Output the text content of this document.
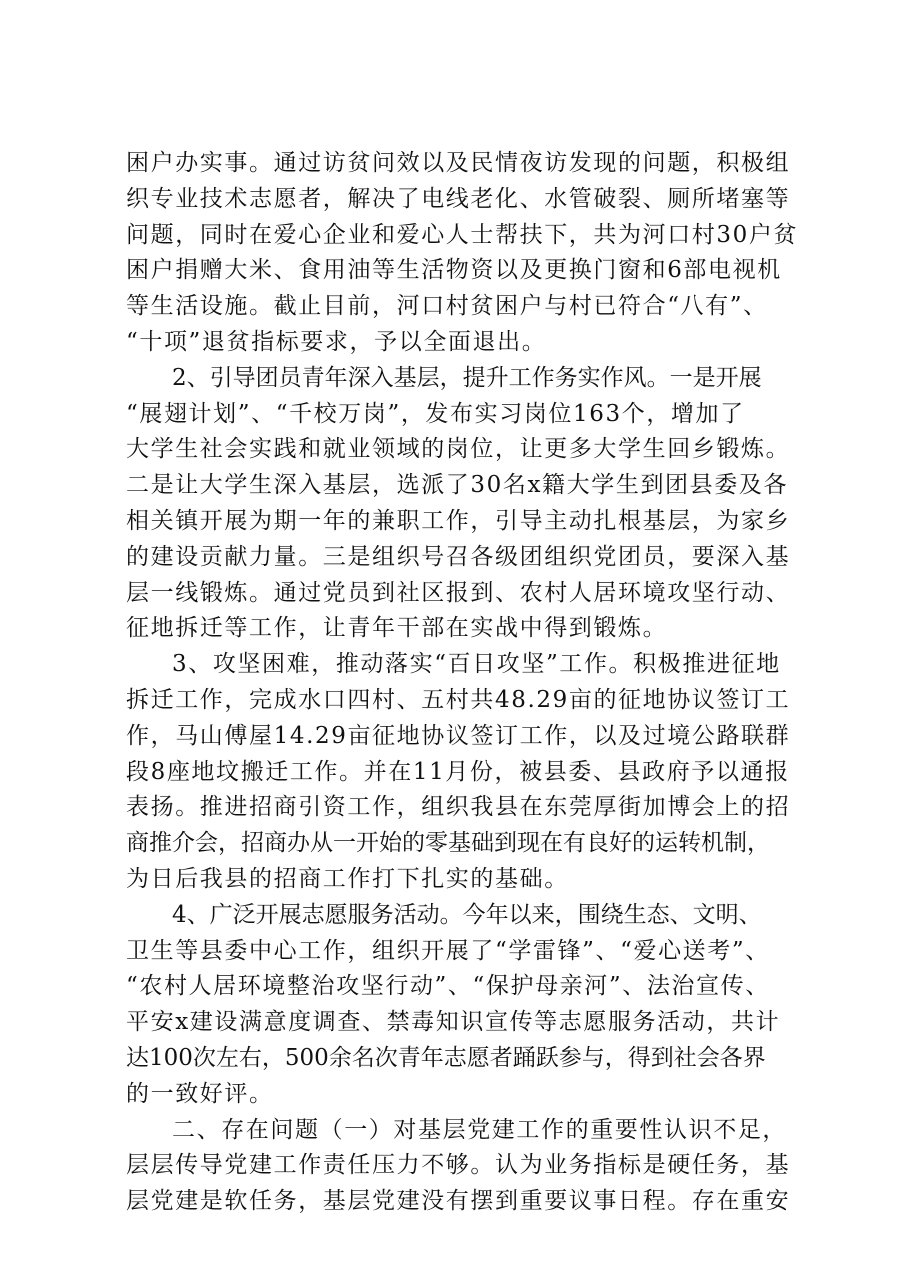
困户办实事。通过访贫问效以及民情夜访发现的问题，积极组
织专业技术志愿者，解决了电线老化、水管破裂、厕所堵塞等
问题，同时在爱心企业和爱心人士帮扶下，共为河口村30户贫
困户捐赠大米、食用油等生活物资以及更换门窗和6部电视机
等生活设施。截止目前，河口村贫困户与村已符合“八有”、
“十项”退贫指标要求，予以全面退出。
2、引导团员青年深入基层，提升工作务实作风。一是开展
“展翅计划”、“千校万岗”，发布实习岗位163个，增加了
大学生社会实践和就业领域的岗位，让更多大学生回乡锻炼。
二是让大学生深入基层，选派了30名x籍大学生到团县委及各
相关镇开展为期一年的兼职工作，引导主动扎根基层，为家乡
的建设贡献力量。三是组织号召各级团组织党团员，要深入基
层一线锻炼。通过党员到社区报到、农村人居环境攻坚行动、
征地拆迁等工作，让青年干部在实战中得到锻炼。
3、攻坚困难，推动落实“百日攻坚”工作。积极推进征地
拆迁工作，完成水口四村、五村共48.29亩的征地协议签订工
作，马山傅屋14.29亩征地协议签订工作，以及过境公路联群
段8座地坟搬迁工作。并在11月份，被县委、县政府予以通报
表扬。推进招商引资工作，组织我县在东莞厚街加博会上的招
商推介会，招商办从一开始的零基础到现在有良好的运转机制，
为日后我县的招商工作打下扎实的基础。
4、广泛开展志愿服务活动。今年以来，围绕生态、文明、
卫生等县委中心工作，组织开展了“学雷锋”、“爱心送考”、
“农村人居环境整治攻坚行动”、“保护母亲河”、法治宣传、
平安x建设满意度调查、禁毒知识宣传等志愿服务活动，共计
达100次左右，500余名次青年志愿者踊跃参与，得到社会各界
的一致好评。
二、存在问题（一）对基层党建工作的重要性认识不足，
层层传导党建工作责任压力不够。认为业务指标是硬任务，基
层党建是软任务，基层党建没有摆到重要议事日程。存在重安
